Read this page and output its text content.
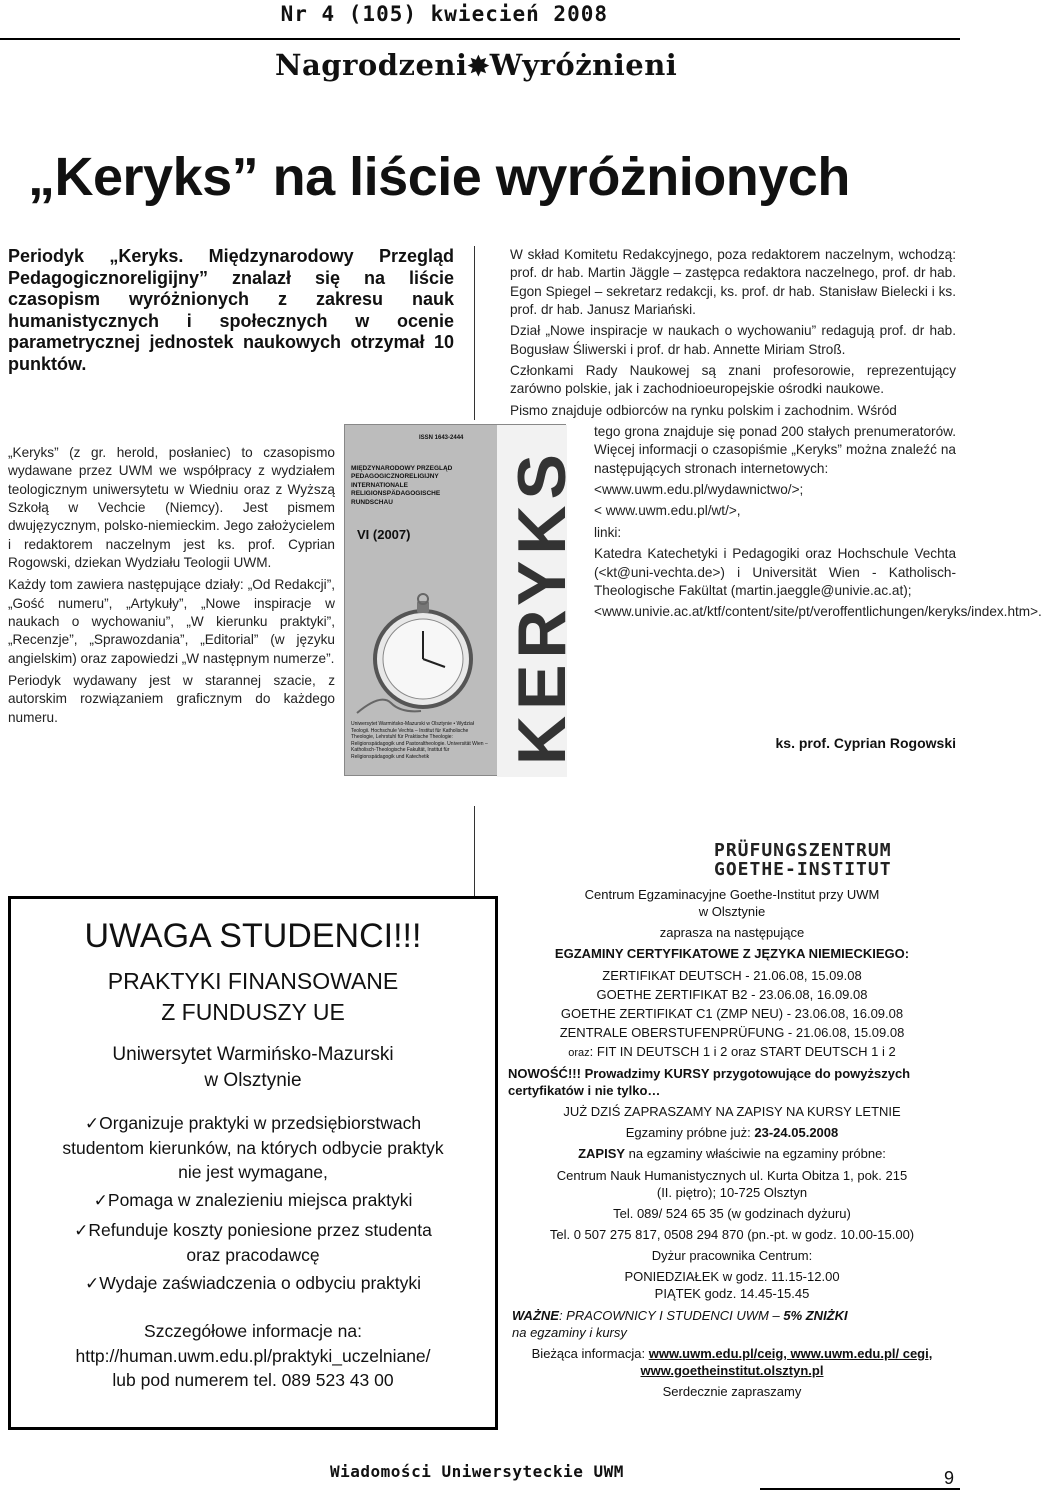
Nr 4 (105) kwiecień 2008
Nagrodzeni✸Wyróżnieni
„Keryks” na liście wyróżnionych
Periodyk „Keryks. Międzynarodowy Przegląd Pedagogicznoreligijny” znalazł się na liście czasopism wyróżnionych z zakresu nauk humanistycznych i społecznych w ocenie parametrycznej jednostek naukowych otrzymał 10 punktów.

„Keryks” (z gr. herold, posłaniec) to czasopismo wydawane przez UWM we współpracy z wydziałem teologicznym uniwersytetu w Wiedniu oraz z Wyższą Szkołą w Vechcie (Niemcy). Jest pismem dwujęzycznym, polsko-niemieckim. Jego założycielem i redaktorem naczelnym jest ks. prof. Cyprian Rogowski, dziekan Wydziału Teologii UWM.

Każdy tom zawiera następujące działy: „Od Redakcji”, „Gość numeru”, „Artykuły”, „Nowe inspiracje w naukach o wychowaniu”, „W kierunku praktyki”, „Recenzje”, „Sprawozdania”, „Editorial” (w języku angielskim) oraz zapowiedzi „W następnym numerze”.

Periodyk wydawany jest w starannej szacie, z autorskim rozwiązaniem graficznym do każdego numeru.

ISSN 1643-2444
MIĘDZYNARODOWY PRZEGLĄD PEDAGOGICZNORELIGIJNY INTERNATIONALE RELIGIONSPÄDAGOGISCHE RUNDSCHAU
VI (2007)
Uniwersytet Warmińsko-Mazurski w Olsztynie • Wydział Teologii. Hochschule Vechta – Institut für Katholische Theologie, Lehrstuhl für Praktische Theologie: Religionspädagogik und Pastoraltheologie. Universität Wien – Katholisch-Theologische Fakultät, Institut für Religionspädagogik und Katechetik	KERYKS

W skład Komitetu Redakcyjnego, poza redaktorem naczelnym, wchodzą: prof. dr hab. Martin Jäggle – zastępca redaktora naczelnego, prof. dr hab. Egon Spiegel – sekretarz redakcji, ks. prof. dr hab. Stanisław Bielecki i ks. prof. dr hab. Janusz Mariański.

Dział „Nowe inspiracje w naukach o wychowaniu” redagują prof. dr hab. Bogusław Śliwerski i prof. dr hab. Annette Miriam Stroß.

Członkami Rady Naukowej są znani profesorowie, reprezentujący zarówno polskie, jak i zachodnioeuropejskie ośrodki naukowe.

Pismo znajduje odbiorców na rynku polskim i zachodnim. Wśród

tego grona znajduje się ponad 200 stałych prenumeratorów. Więcej informacji o czasopiśmie „Keryks” można znaleźć na następujących stronach internetowych:

<www.uwm.edu.pl/wydawnictwo/>;

< www.uwm.edu.pl/wt/>,

linki:

Katedra Katechetyki i Pedagogiki oraz Hochschule Vechta (<kt@uni-vechta.de>) i Universität Wien - Katholisch-Theologische Fakültat (martin.jaeggle@univie.ac.at);

<www.univie.ac.at/ktf/content/site/pt/veroffentlichungen/keryks/index.htm>.

ks. prof. Cyprian Rogowski
PRÜFUNGSZENTRUM
GOETHE-INSTITUT
UWAGA STUDENCI!!!
PRAKTYKI FINANSOWANE
Z FUNDUSZY UE
Uniwersytet Warmińsko-Mazurski
w Olsztynie
✓Organizuje praktyki w przedsiębiorstwach
studentom kierunków, na których odbycie praktyk
nie jest wymagane,
✓Pomaga w znalezieniu miejsca praktyki
✓Refunduje koszty poniesione przez studenta
oraz pracodawcę
✓Wydaje zaświadczenia o odbyciu praktyki
Szczegółowe informacje na:
http://human.uwm.edu.pl/praktyki_uczelniane/
lub pod numerem tel. 089 523 43 00

Centrum Egzaminacyjne Goethe-Institut przy UWM

w Olsztynie

zaprasza na następujące

EGZAMINY CERTYFIKATOWE Z JĘZYKA NIEMIECKIEGO:

ZERTIFIKAT DEUTSCH - 21.06.08, 15.09.08

GOETHE ZERTIFIKAT B2 - 23.06.08, 16.09.08

GOETHE ZERTIFIKAT C1 (ZMP NEU) - 23.06.08, 16.09.08

ZENTRALE OBERSTUFENPRÜFUNG - 21.06.08, 15.09.08

oraz: FIT IN DEUTSCH 1 i 2 oraz START DEUTSCH 1 i 2

NOWOŚĆ!!! Prowadzimy KURSY przygotowujące do powyższych certyfikatów i nie tylko…

JUŻ DZIŚ ZAPRASZAMY NA ZAPISY NA KURSY LETNIE

Egzaminy próbne już: 23-24.05.2008

ZAPISY na egzaminy właściwie na egzaminy próbne:

Centrum Nauk Humanistycznych ul. Kurta Obitza 1, pok. 215

(II. piętro); 10-725 Olsztyn

Tel. 089/ 524 65 35 (w godzinach dyżuru)

Tel. 0 507 275 817, 0508 294 870 (pn.-pt. w godz. 10.00-15.00)

Dyżur pracownika Centrum:

PONIEDZIAŁEK w godz. 11.15-12.00

PIĄTEK godz. 14.45-15.45

WAŻNE: PRACOWNICY I STUDENCI UWM – 5% ZNIŻKI
na egzaminy i kursy

Bieżąca informacja: www.uwm.edu.pl/ceig, www.uwm.edu.pl/ cegi, www.goetheinstitut.olsztyn.pl

Serdecznie zapraszamy

Wiadomości Uniwersyteckie UWM	9
